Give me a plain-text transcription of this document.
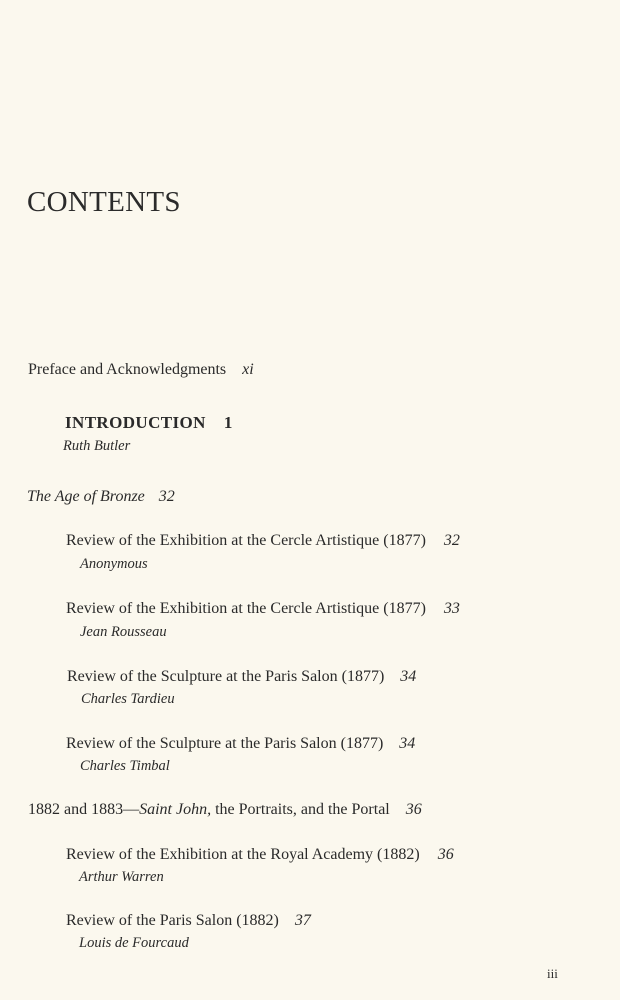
CONTENTS
Preface and Acknowledgments xi
INTRODUCTION 1
Ruth Butler
The Age of Bronze 32
Review of the Exhibition at the Cercle Artistique (1877) 32
Anonymous
Review of the Exhibition at the Cercle Artistique (1877) 33
Jean Rousseau
Review of the Sculpture at the Paris Salon (1877) 34
Charles Tardieu
Review of the Sculpture at the Paris Salon (1877) 34
Charles Timbal
1882 and 1883—Saint John, the Portraits, and the Portal 36
Review of the Exhibition at the Royal Academy (1882) 36
Arthur Warren
Review of the Paris Salon (1882) 37
Louis de Fourcaud
iii
